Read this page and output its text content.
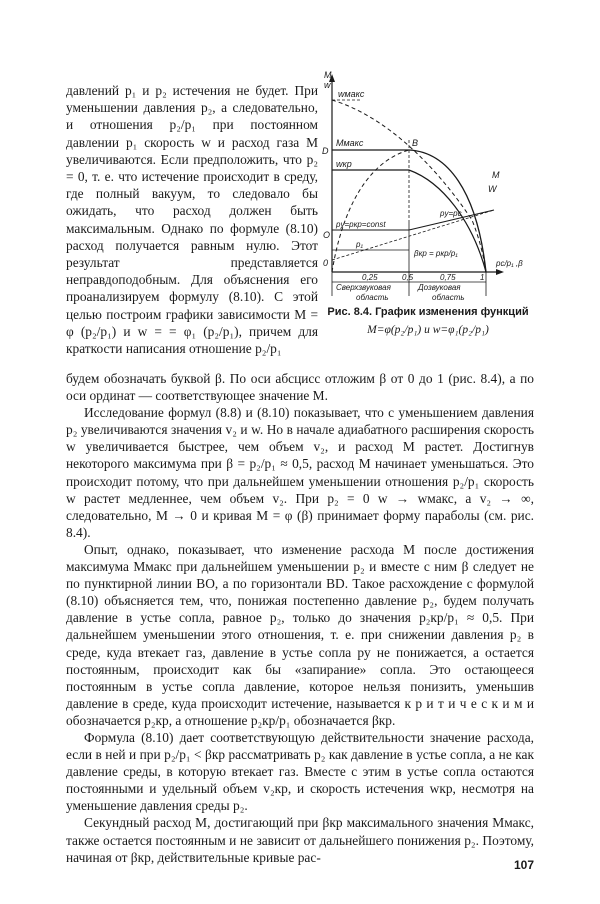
давлений p₁ и p₂ истечения не будет. При уменьшении давления p₂, а следовательно, и отношения p₂/p₁ при постоянном давлении p₁ скорость w и расход газа M увеличиваются. Если предположить, что p₂ = 0, т. е. что истечение происходит в среду, где полный вакуум, то следовало бы ожидать, что расход должен быть максимальным. Однако по формуле (8.10) расход получается равным нулю. Этот результат представляется неправдоподобным. Для объяснения его проанализируем формулу (8.10). С этой целью построим графики зависимости M = φ (p₂/p₁) и w = = φ₁ (p₂/p₁), причем для краткости написания отношение p₂/p₁

M
w
wмакс
Mмакс
D
B
wкр
M
W
pу=pкр=const
pу=pс
p₁
βкр = pкр/p₁
0
O
0,25	0,5	0,75	1
pc/p₁ ,β
Сверхзвуковая
область
Дозвуковая
область
Рис. 8.4. График изменения функций
M=φ(p₂/p₁) и w=φ₁(p₂/p₁)

будем обозначать буквой β. По оси абсцисс отложим β от 0 до 1 (рис. 8.4), а по оси ординат — соответствующее значение M.

Исследование формул (8.8) и (8.10) показывает, что с уменьшением давления p₂ увеличиваются значения v₂ и w. Но в начале адиабатного расширения скорость w увеличивается быстрее, чем объем v₂, и расход M растет. Достигнув некоторого максимума при β = p₂/p₁ ≈ 0,5, расход M начинает уменьшаться. Это происходит потому, что при дальнейшем уменьшении отношения p₂/p₁ скорость w растет медленнее, чем объем v₂. При p₂ = 0 w → wмакс, а v₂ → ∞, следовательно, M → 0 и кривая M = φ (β) принимает форму параболы (см. рис. 8.4).

Опыт, однако, показывает, что изменение расхода M после достижения максимума Mмакс при дальнейшем уменьшении p₂ и вместе с ним β следует не по пунктирной линии BO, а по горизонтали BD. Такое расхождение с формулой (8.10) объясняется тем, что, понижая постепенно давление p₂, будем получать давление в устье сопла, равное p₂, только до значения p₂кр/p₁ ≈ 0,5. При дальнейшем уменьшении этого отношения, т. е. при снижении давления p₂ в среде, куда втекает газ, давление в устье сопла pу не понижается, а остается постоянным, происходит как бы «запирание» сопла. Это остающееся постоянным в устье сопла давление, которое нельзя понизить, уменьшив давление в среде, куда происходит истечение, называется к р и т и ч е с к и м и обозначается p₂кр, а отношение p₂кр/p₁ обозначается βкр.

Формула (8.10) дает соответствующую действительности значение расхода, если в ней и при p₂/p₁ < βкр рассматривать p₂ как давление в устье сопла, а не как давление среды, в которую втекает газ. Вместе с этим в устье сопла остаются постоянными и удельный объем v₂кр, и скорость истечения wкр, несмотря на уменьшение давления среды p₂.

Секундный расход M, достигающий при βкр максимального значения Mмакс, также остается постоянным и не зависит от дальнейшего понижения p₂. Поэтому, начиная от βкр, действительные кривые рас-

107
